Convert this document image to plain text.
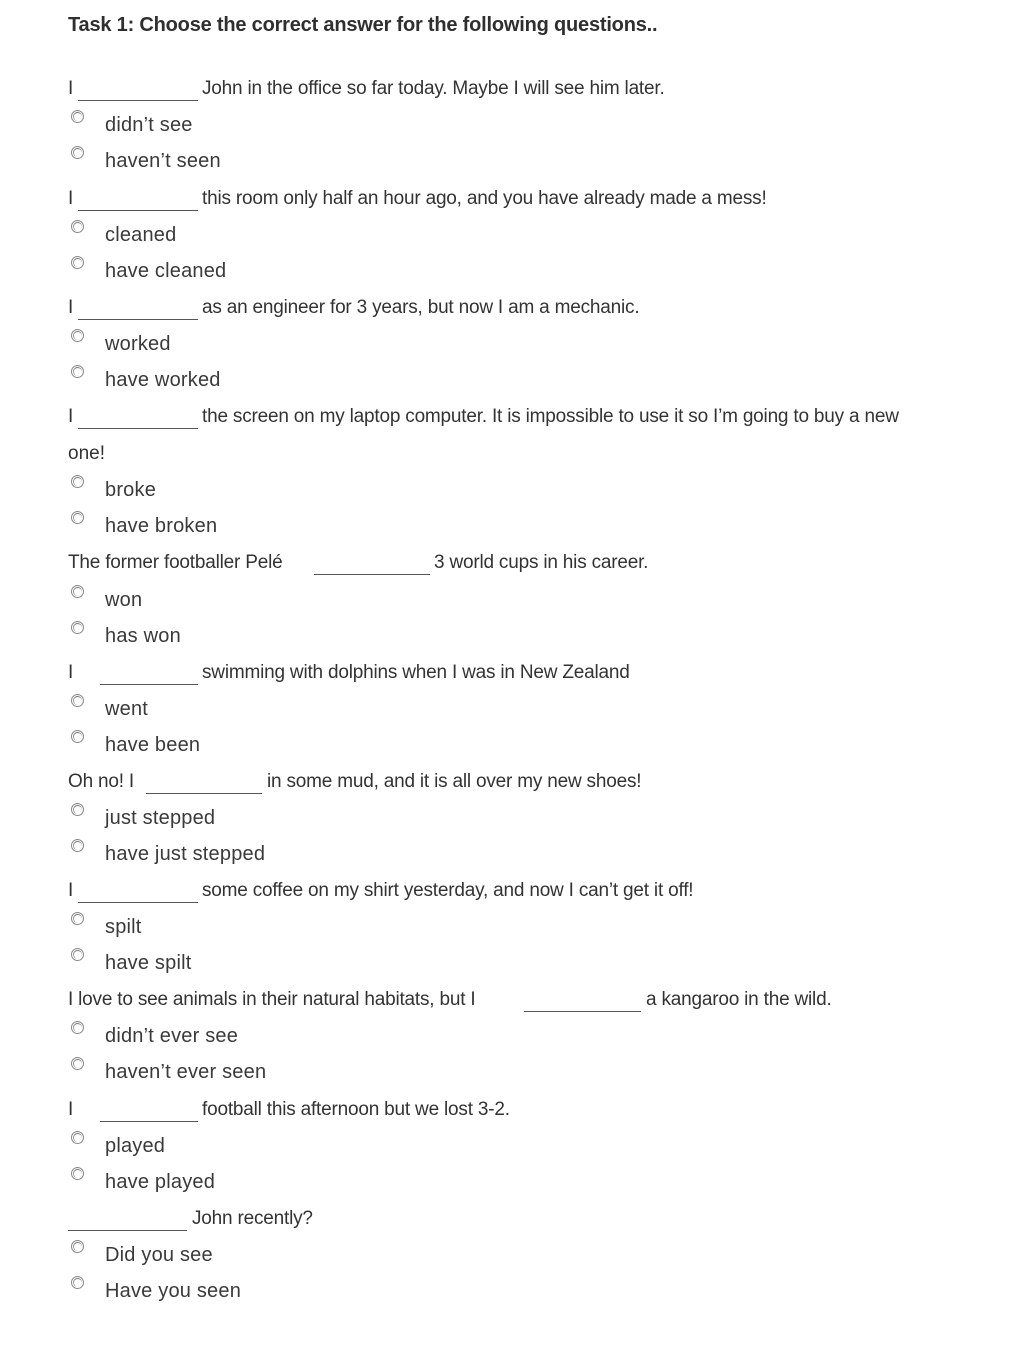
Task 1: Choose the correct answer for the following questions..
I	John in the office so far today. Maybe I will see him later.
didn’t see
haven’t seen
I	this room only half an hour ago, and you have already made a mess!
cleaned
have cleaned
I	as an engineer for 3 years, but now I am a mechanic.
worked
have worked
I	the screen on my laptop computer. It is impossible to use it so I’m going to buy a new
one!
broke
have broken
The former footballer Pelé	3 world cups in his career.
won
has won
I	swimming with dolphins when I was in New Zealand
went
have been
Oh no! I	in some mud, and it is all over my new shoes!
just stepped
have just stepped
I	some coffee on my shirt yesterday, and now I can’t get it off!
spilt
have spilt
I love to see animals in their natural habitats, but I	a kangaroo in the wild.
didn’t ever see
haven’t ever seen
I	football this afternoon but we lost 3-2.
played
have played
John recently?
Did you see
Have you seen
